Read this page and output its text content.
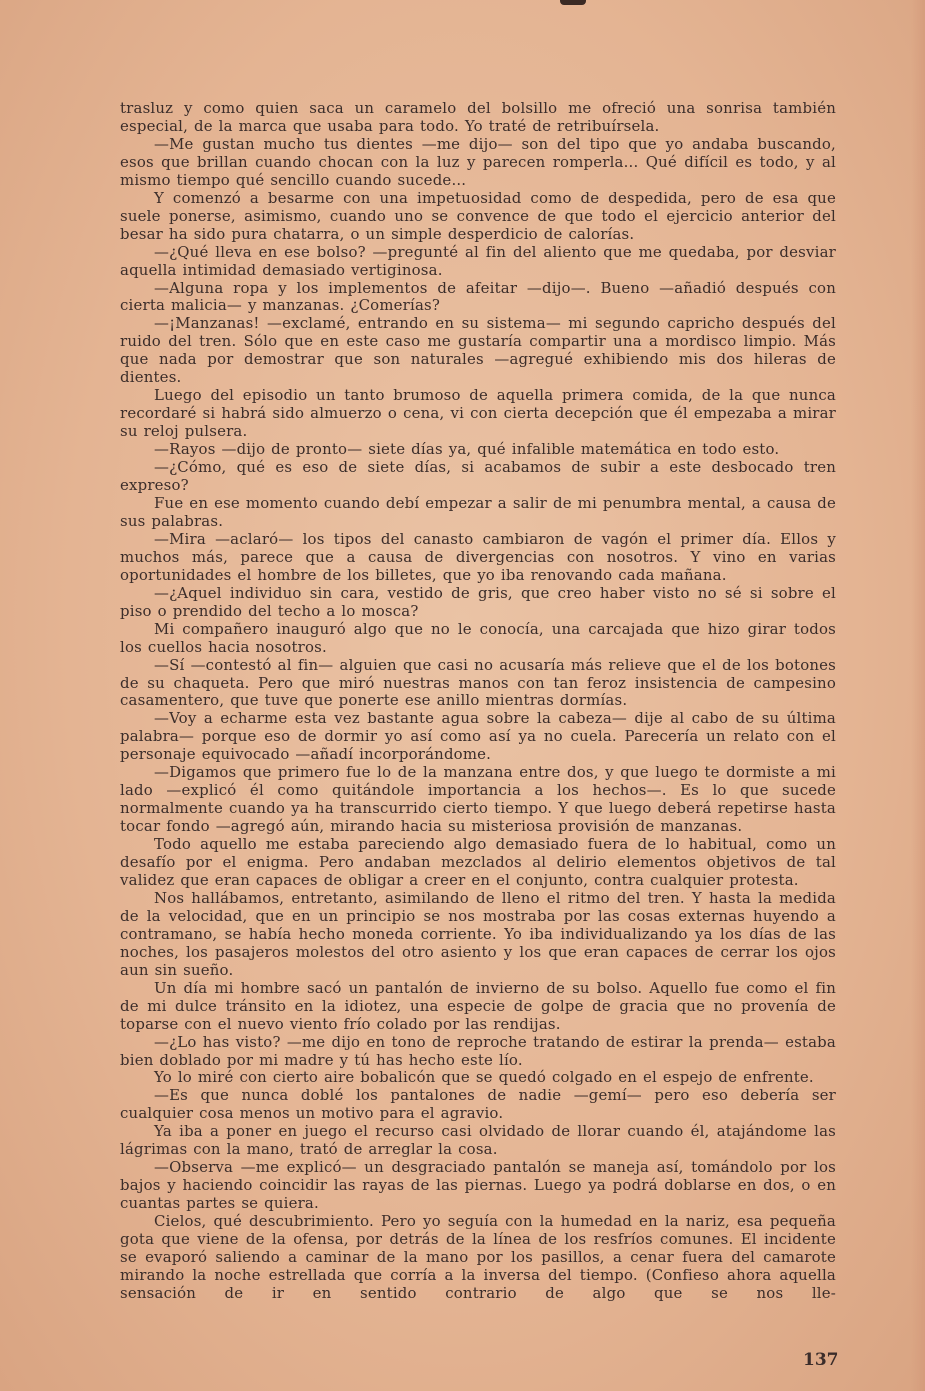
trasluz y como quien saca un caramelo del bolsillo me ofreció una sonrisa también especial, de la marca que usaba para todo. Yo traté de retribuírsela.

—Me gustan mucho tus dientes —me dijo— son del tipo que yo andaba buscando, esos que brillan cuando chocan con la luz y parecen romperla... Qué difícil es todo, y al mismo tiempo qué sencillo cuando sucede...

Y comenzó a besarme con una impetuosidad como de despedida, pero de esa que suele ponerse, asimismo, cuando uno se convence de que todo el ejercicio anterior del besar ha sido pura chatarra, o un simple desperdicio de calorías.

—¿Qué lleva en ese bolso? —pregunté al fin del aliento que me quedaba, por desviar aquella intimidad demasiado vertiginosa.

—Alguna ropa y los implementos de afeitar —dijo—. Bueno —añadió después con cierta malicia— y manzanas. ¿Comerías?

—¡Manzanas! —exclamé, entrando en su sistema— mi segundo capricho después del ruido del tren. Sólo que en este caso me gustaría compartir una a mordisco limpio. Más que nada por demostrar que son naturales —agregué exhibiendo mis dos hileras de dientes.

Luego del episodio un tanto brumoso de aquella primera comida, de la que nunca recordaré si habrá sido almuerzo o cena, vi con cierta decepción que él empezaba a mirar su reloj pulsera.

—Rayos —dijo de pronto— siete días ya, qué infalible matemática en todo esto.

—¿Cómo, qué es eso de siete días, si acabamos de subir a este desbocado tren expreso?

Fue en ese momento cuando debí empezar a salir de mi penumbra mental, a causa de sus palabras.

—Mira —aclaró— los tipos del canasto cambiaron de vagón el primer día. Ellos y muchos más, parece que a causa de divergencias con nosotros. Y vino en varias oportunidades el hombre de los billetes, que yo iba renovando cada mañana.

—¿Aquel individuo sin cara, vestido de gris, que creo haber visto no sé si sobre el piso o prendido del techo a lo mosca?

Mi compañero inauguró algo que no le conocía, una carcajada que hizo girar todos los cuellos hacia nosotros.

—Sí —contestó al fin— alguien que casi no acusaría más relieve que el de los botones de su chaqueta. Pero que miró nuestras manos con tan feroz insistencia de campesino casamentero, que tuve que ponerte ese anillo mientras dormías.

—Voy a echarme esta vez bastante agua sobre la cabeza— dije al cabo de su última palabra— porque eso de dormir yo así como así ya no cuela. Parecería un relato con el personaje equivocado —añadí incorporándome.

—Digamos que primero fue lo de la manzana entre dos, y que luego te dormiste a mi lado —explicó él como quitándole importancia a los hechos—. Es lo que sucede normalmente cuando ya ha transcurrido cierto tiempo. Y que luego deberá repetirse hasta tocar fondo —agregó aún, mirando hacia su misteriosa provisión de manzanas.

Todo aquello me estaba pareciendo algo demasiado fuera de lo habitual, como un desafío por el enigma. Pero andaban mezclados al delirio elementos objetivos de tal validez que eran capaces de obligar a creer en el conjunto, contra cualquier protesta.

Nos hallábamos, entretanto, asimilando de lleno el ritmo del tren. Y hasta la medida de la velocidad, que en un principio se nos mostraba por las cosas externas huyendo a contramano, se había hecho moneda corriente. Yo iba individualizando ya los días de las noches, los pasajeros molestos del otro asiento y los que eran capaces de cerrar los ojos aun sin sueño.

Un día mi hombre sacó un pantalón de invierno de su bolso. Aquello fue como el fin de mi dulce tránsito en la idiotez, una especie de golpe de gracia que no provenía de toparse con el nuevo viento frío colado por las rendijas.

—¿Lo has visto? —me dijo en tono de reproche tratando de estirar la prenda— estaba bien doblado por mi madre y tú has hecho este lío.

Yo lo miré con cierto aire bobalicón que se quedó colgado en el espejo de enfrente.

—Es que nunca doblé los pantalones de nadie —gemí— pero eso debería ser cualquier cosa menos un motivo para el agravio.

Ya iba a poner en juego el recurso casi olvidado de llorar cuando él, atajándome las lágrimas con la mano, trató de arreglar la cosa.

—Observa —me explicó— un desgraciado pantalón se maneja así, tomándolo por los bajos y haciendo coincidir las rayas de las piernas. Luego ya podrá doblarse en dos, o en cuantas partes se quiera.

Cielos, qué descubrimiento. Pero yo seguía con la humedad en la nariz, esa pequeña gota que viene de la ofensa, por detrás de la línea de los resfríos comunes. El incidente se evaporó saliendo a caminar de la mano por los pasillos, a cenar fuera del camarote mirando la noche estrellada que corría a la inversa del tiempo. (Confieso ahora aquella sensación de ir en sentido contrario de algo que se nos lle-

137
